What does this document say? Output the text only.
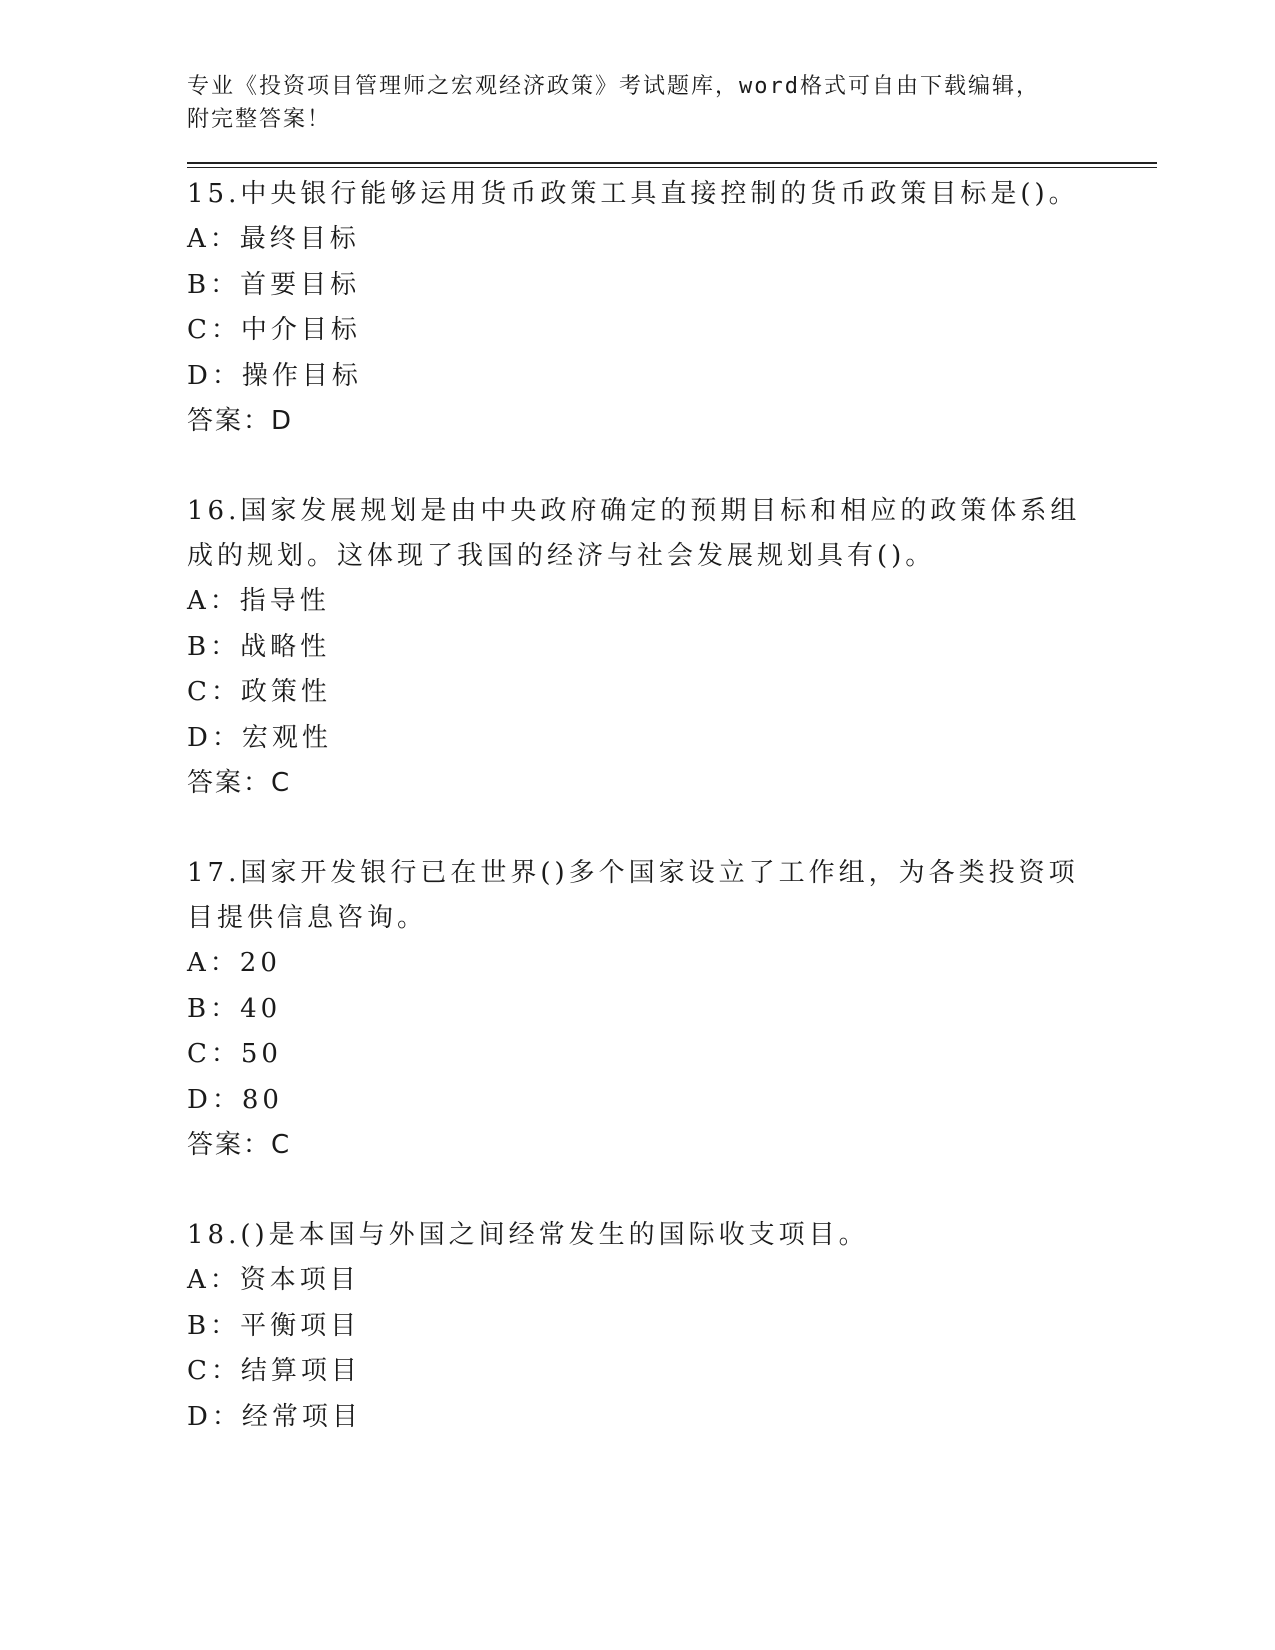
专业《投资项目管理师之宏观经济政策》考试题库，word格式可自由下载编辑，

附完整答案！

15.中央银行能够运用货币政策工具直接控制的货币政策目标是()。

A：最终目标

B：首要目标

C：中介目标

D：操作目标

答案：D

16.国家发展规划是由中央政府确定的预期目标和相应的政策体系组成的规划。这体现了我国的经济与社会发展规划具有()。

A：指导性

B：战略性

C：政策性

D：宏观性

答案：C

17.国家开发银行已在世界()多个国家设立了工作组，为各类投资项目提供信息咨询。

A：20

B：40

C：50

D：80

答案：C

18.()是本国与外国之间经常发生的国际收支项目。

A：资本项目

B：平衡项目

C：结算项目

D：经常项目
